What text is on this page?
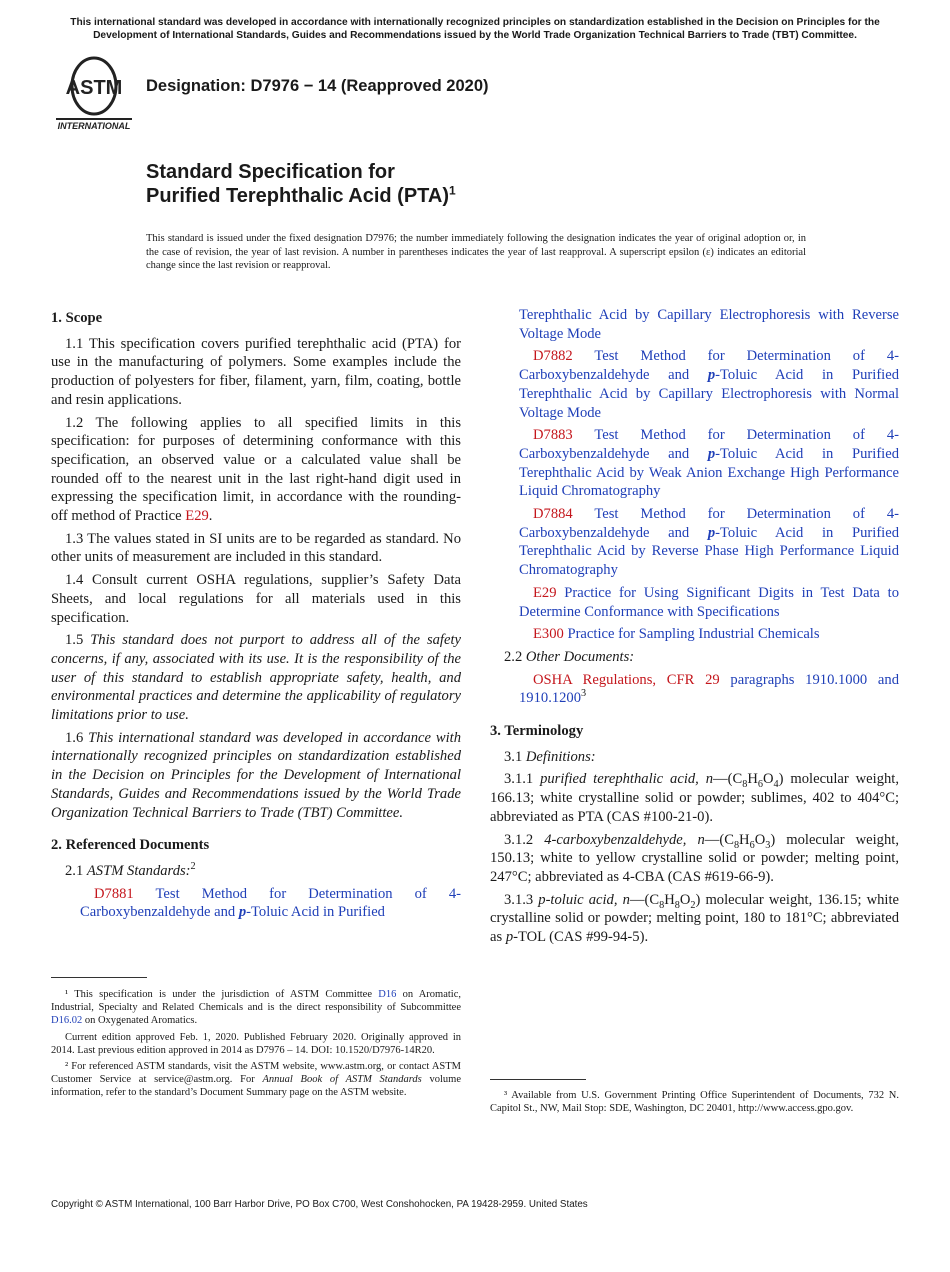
This international standard was developed in accordance with internationally recognized principles on standardization established in the Decision on Principles for the Development of International Standards, Guides and Recommendations issued by the World Trade Organization Technical Barriers to Trade (TBT) Committee.
ASTM
INTERNATIONAL
Designation: D7976 − 14 (Reapproved 2020)
Standard Specification for
Purified Terephthalic Acid (PTA)$^1$
This standard is issued under the fixed designation D7976; the number immediately following the designation indicates the year of original adoption or, in the case of revision, the year of last revision. A number in parentheses indicates the year of last reapproval. A superscript epsilon (ε) indicates an editorial change since the last revision or reapproval.
1. Scope

1.1 This specification covers purified terephthalic acid (PTA) for use in the manufacturing of polymers. Some examples include the production of polyesters for fiber, filament, yarn, film, coating, bottle and resin applications.

1.2 The following applies to all specified limits in this specification: for purposes of determining conformance with this specification, an observed value or a calculated value shall be rounded off to the nearest unit in the last right-hand digit used in expressing the specification limit, in accordance with the rounding-off method of Practice E29.

1.3 The values stated in SI units are to be regarded as standard. No other units of measurement are included in this standard.

1.4 Consult current OSHA regulations, supplier’s Safety Data Sheets, and local regulations for all materials used in this specification.

1.5 This standard does not purport to address all of the safety concerns, if any, associated with its use. It is the responsibility of the user of this standard to establish appropriate safety, health, and environmental practices and determine the applicability of regulatory limitations prior to use.

1.6 This international standard was developed in accordance with internationally recognized principles on standardization established in the Decision on Principles for the Development of International Standards, Guides and Recommendations issued by the World Trade Organization Technical Barriers to Trade (TBT) Committee.

2. Referenced Documents

2.1 ASTM Standards:$^2$

D7881 Test Method for Determination of 4-Carboxybenzaldehyde and p-Toluic Acid in Purified

¹ This specification is under the jurisdiction of ASTM Committee D16 on Aromatic, Industrial, Specialty and Related Chemicals and is the direct responsibility of Subcommittee D16.02 on Oxygenated Aromatics.

Current edition approved Feb. 1, 2020. Published February 2020. Originally approved in 2014. Last previous edition approved in 2014 as D7976 – 14. DOI: 10.1520/D7976-14R20.

² For referenced ASTM standards, visit the ASTM website, www.astm.org, or contact ASTM Customer Service at service@astm.org. For Annual Book of ASTM Standards volume information, refer to the standard’s Document Summary page on the ASTM website.

Terephthalic Acid by Capillary Electrophoresis with Reverse Voltage Mode

D7882 Test Method for Determination of 4-Carboxybenzaldehyde and p-Toluic Acid in Purified Terephthalic Acid by Capillary Electrophoresis with Normal Voltage Mode

D7883 Test Method for Determination of 4-Carboxybenzaldehyde and p-Toluic Acid in Purified Terephthalic Acid by Weak Anion Exchange High Performance Liquid Chromatography

D7884 Test Method for Determination of 4-Carboxybenzaldehyde and p-Toluic Acid in Purified Terephthalic Acid by Reverse Phase High Performance Liquid Chromatography

E29 Practice for Using Significant Digits in Test Data to Determine Conformance with Specifications

E300 Practice for Sampling Industrial Chemicals

2.2 Other Documents:

OSHA Regulations, CFR 29 paragraphs 1910.1000 and 1910.1200$^3$

3. Terminology

3.1 Definitions:

3.1.1 purified terephthalic acid, $n—(C_8H_6O_4)$ molecular weight, 166.13; white crystalline solid or powder; sublimes, 402 to 404°C; abbreviated as PTA (CAS #100-21-0).

3.1.2 4-carboxybenzaldehyde, $n—(C_8H_6O_3)$ molecular weight, 150.13; white to yellow crystalline solid or powder; melting point, 247°C; abbreviated as 4-CBA (CAS #619-66-9).

3.1.3 p-toluic acid, $n—(C_8H_8O_2)$ molecular weight, 136.15; white crystalline solid or powder; melting point, 180 to 181°C; abbreviated as p-TOL (CAS #99-94-5).

³ Available from U.S. Government Printing Office Superintendent of Documents, 732 N. Capitol St., NW, Mail Stop: SDE, Washington, DC 20401, http://www.access.gpo.gov.

Copyright © ASTM International, 100 Barr Harbor Drive, PO Box C700, West Conshohocken, PA 19428-2959. United States
